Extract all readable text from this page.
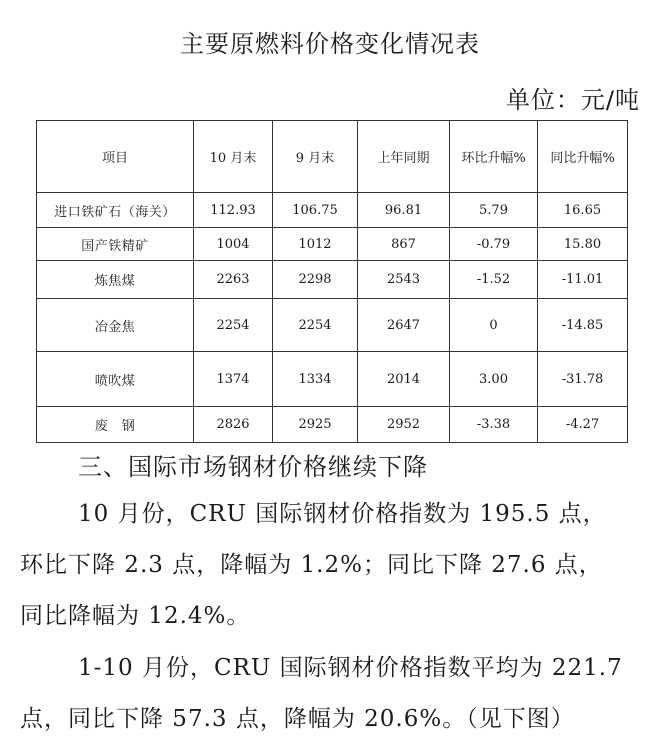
主要原燃料价格变化情况表
单位：元/吨
项目	10 月末	9 月末	上年同期	环比升幅%	同比升幅%
进口铁矿石（海关）	112.93	106.75	96.81	5.79	16.65
国产铁精矿	1004	1012	867	-0.79	15.80
炼焦煤	2263	2298	2543	-1.52	-11.01
冶金焦	2254	2254	2647	0	-14.85
喷吹煤	1374	1334	2014	3.00	-31.78
废　钢	2826	2925	2952	-3.38	-4.27
三、国际市场钢材价格继续下降
10 月份，CRU 国际钢材价格指数为 195.5 点，
环比下降 2.3 点，降幅为 1.2%；同比下降 27.6 点，
同比降幅为 12.4%。
1-10 月份，CRU 国际钢材价格指数平均为 221.7
点，同比下降 57.3 点，降幅为 20.6%。（见下图）
